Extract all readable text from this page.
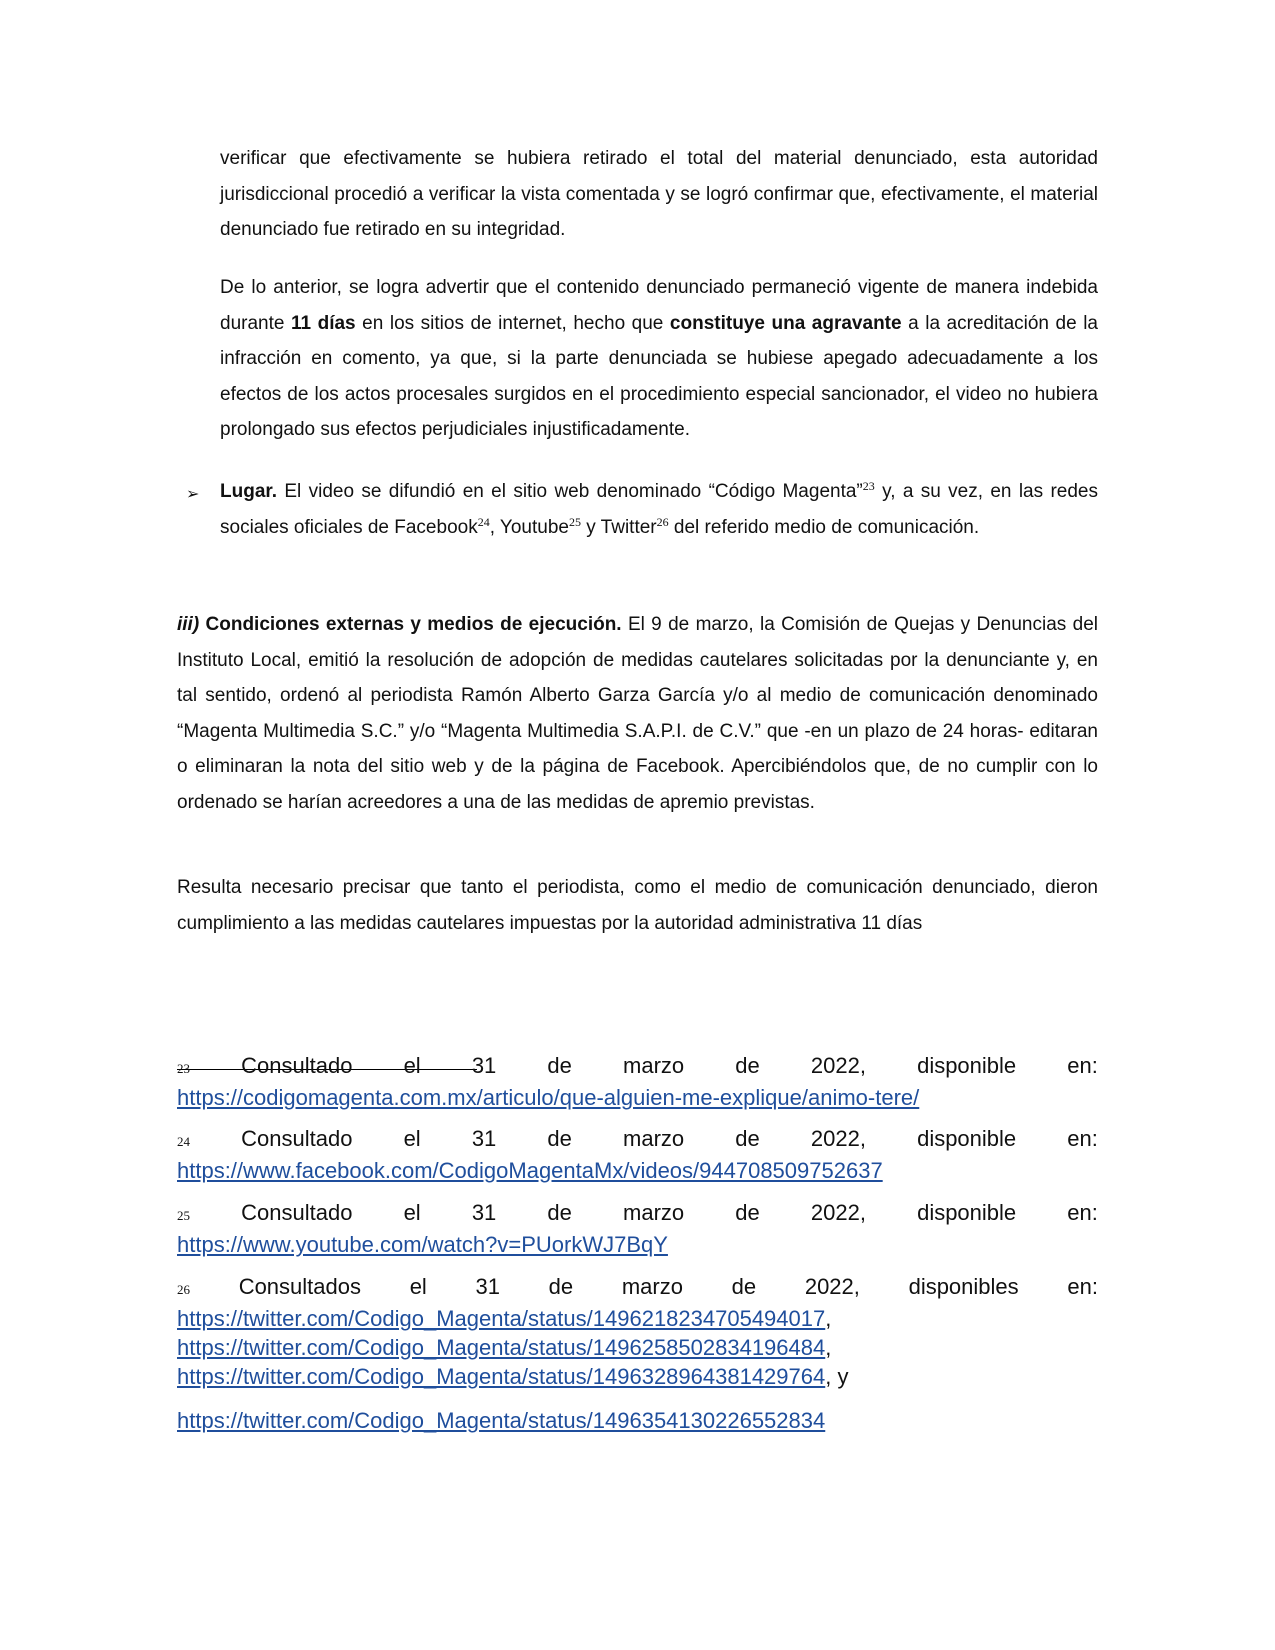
verificar que efectivamente se hubiera retirado el total del material denunciado, esta autoridad jurisdiccional procedió a verificar la vista comentada y se logró confirmar que, efectivamente, el material denunciado fue retirado en su integridad.

De lo anterior, se logra advertir que el contenido denunciado permaneció vigente de manera indebida durante 11 días en los sitios de internet, hecho que constituye una agravante a la acreditación de la infracción en comento, ya que, si la parte denunciada se hubiese apegado adecuadamente a los efectos de los actos procesales surgidos en el procedimiento especial sancionador, el video no hubiera prolongado sus efectos perjudiciales injustificadamente.

➢ Lugar. El video se difundió en el sitio web denominado “Código Magenta”$^{23}$ y, a su vez, en las redes sociales oficiales de Facebook$^{24}$, Youtube$^{25}$ y Twitter$^{26}$ del referido medio de comunicación.

iii) Condiciones externas y medios de ejecución. El 9 de marzo, la Comisión de Quejas y Denuncias del Instituto Local, emitió la resolución de adopción de medidas cautelares solicitadas por la denunciante y, en tal sentido, ordenó al periodista Ramón Alberto Garza García y/o al medio de comunicación denominado “Magenta Multimedia S.C.” y/o “Magenta Multimedia S.A.P.I. de C.V.” que -en un plazo de 24 horas- editaran o eliminaran la nota del sitio web y de la página de Facebook. Apercibiéndolos que, de no cumplir con lo ordenado se harían acreedores a una de las medidas de apremio previstas.

Resulta necesario precisar que tanto el periodista, como el medio de comunicación denunciado, dieron cumplimiento a las medidas cautelares impuestas por la autoridad administrativa 11 días

23 Consultado el 31 de marzo de 2022, disponible en:
https://codigomagenta.com.mx/articulo/que-alguien-me-explique/animo-tere/
24 Consultado el 31 de marzo de 2022, disponible en:
https://www.facebook.com/CodigoMagentaMx/videos/944708509752637
25 Consultado el 31 de marzo de 2022, disponible en:
https://www.youtube.com/watch?v=PUorkWJ7BqY
26 Consultados el 31 de marzo de 2022, disponibles en:
https://twitter.com/Codigo_Magenta/status/1496218234705494017,
https://twitter.com/Codigo_Magenta/status/1496258502834196484,
https://twitter.com/Codigo_Magenta/status/1496328964381429764, y
https://twitter.com/Codigo_Magenta/status/1496354130226552834
